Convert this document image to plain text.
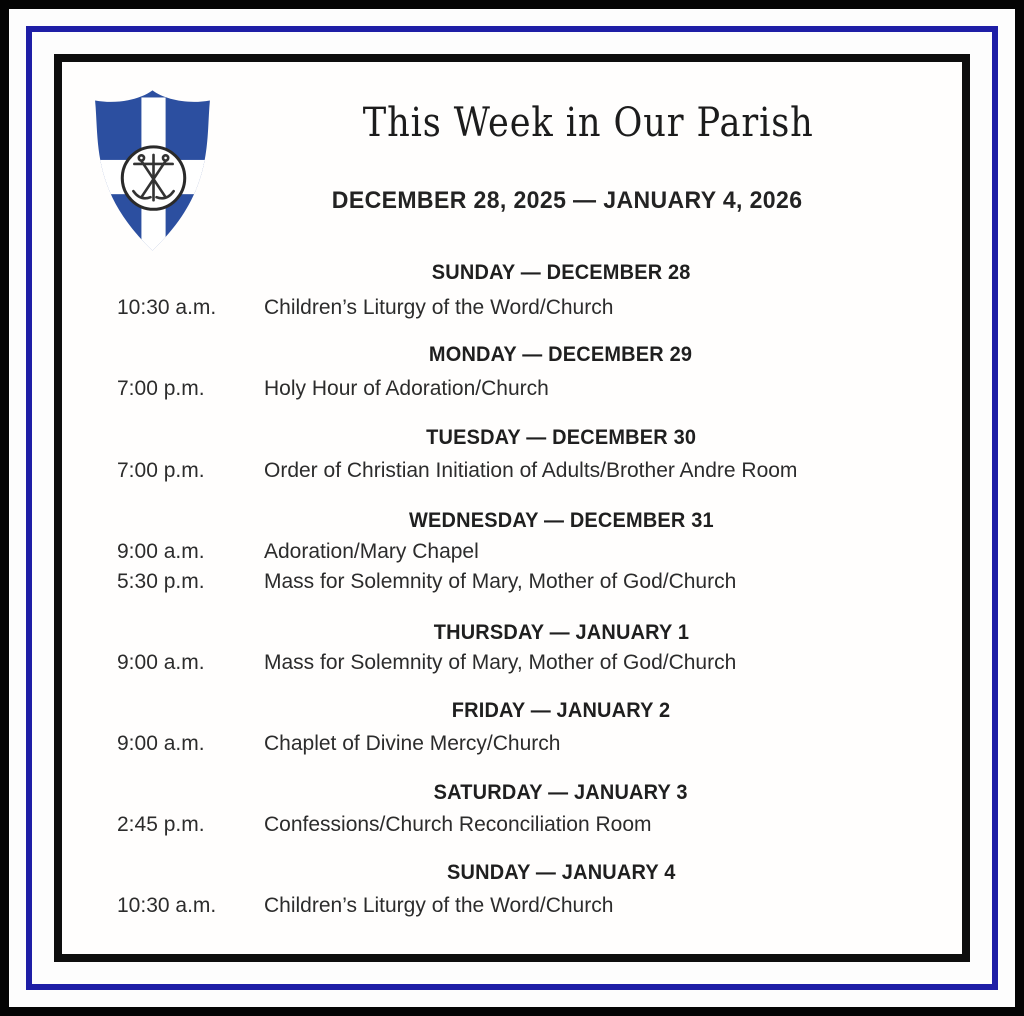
This Week in Our Parish
DECEMBER 28, 2025 — JANUARY 4, 2026
SUNDAY — DECEMBER 28
10:30 a.m. Children’s Liturgy of the Word/Church
MONDAY — DECEMBER 29
7:00 p.m.	Holy Hour of Adoration/Church
TUESDAY — DECEMBER 30
7:00 p.m.	Order of Christian Initiation of Adults/Brother Andre Room
WEDNESDAY — DECEMBER 31
9:00 a.m.	Adoration/Mary Chapel
5:30 p.m.	Mass for Solemnity of Mary, Mother of God/Church
THURSDAY — JANUARY 1
9:00 a.m.	Mass for Solemnity of Mary, Mother of God/Church
FRIDAY — JANUARY 2
9:00 a.m.	Chaplet of Divine Mercy/Church
SATURDAY — JANUARY 3
2:45 p.m.	Confessions/Church Reconciliation Room
SUNDAY — JANUARY 4
10:30 a.m. Children’s Liturgy of the Word/Church
